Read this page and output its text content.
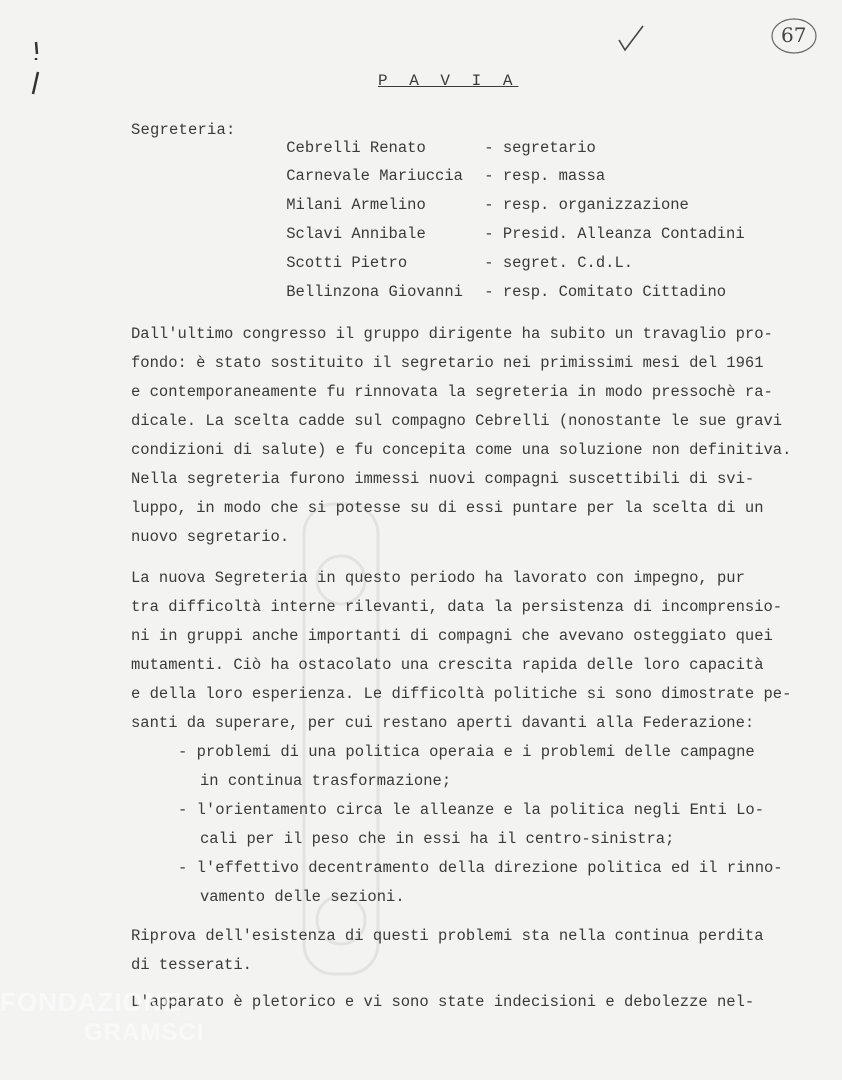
67
P A V I A
Segreteria:

Cebrelli Renato	- segretario

Carnevale Mariuccia - resp. massa

Milani Armelino	- resp. organizzazione

Sclavi Annibale	- Presid. Alleanza Contadini

Scotti Pietro	- segret. C.d.L.

Bellinzona Giovanni - resp. Comitato Cittadino

Dall'ultimo congresso il gruppo dirigente ha subito un travaglio pro-
fondo: è stato sostituito il segretario nei primissimi mesi del 1961
e contemporaneamente fu rinnovata la segreteria in modo pressochè ra-
dicale. La scelta cadde sul compagno Cebrelli (nonostante le sue gravi
condizioni di salute) e fu concepita come una soluzione non definitiva.
Nella segreteria furono immessi nuovi compagni suscettibili di svi-
luppo, in modo che si potesse su di essi puntare per la scelta di un
nuovo segretario.
La nuova Segreteria in questo periodo ha lavorato con impegno, pur
tra difficoltà interne rilevanti, data la persistenza di incomprensio-
ni in gruppi anche importanti di compagni che avevano osteggiato quei
mutamenti. Ciò ha ostacolato una crescita rapida delle loro capacità
e della loro esperienza. Le difficoltà politiche si sono dimostrate pe-
santi da superare, per cui restano aperti davanti alla Federazione:
- problemi di una politica operaia e i problemi delle campagne
in continua trasformazione;
- l'orientamento circa le alleanze e la politica negli Enti Lo-
cali per il peso che in essi ha il centro-sinistra;
- l'effettivo decentramento della direzione politica ed il rinno-
vamento delle sezioni.
Riprova dell'esistenza di questi problemi sta nella continua perdita
di tesserati.
L'apparato è pletorico e vi sono state indecisioni e debolezze nel-
FONDAZIONE
GRAMSCI
